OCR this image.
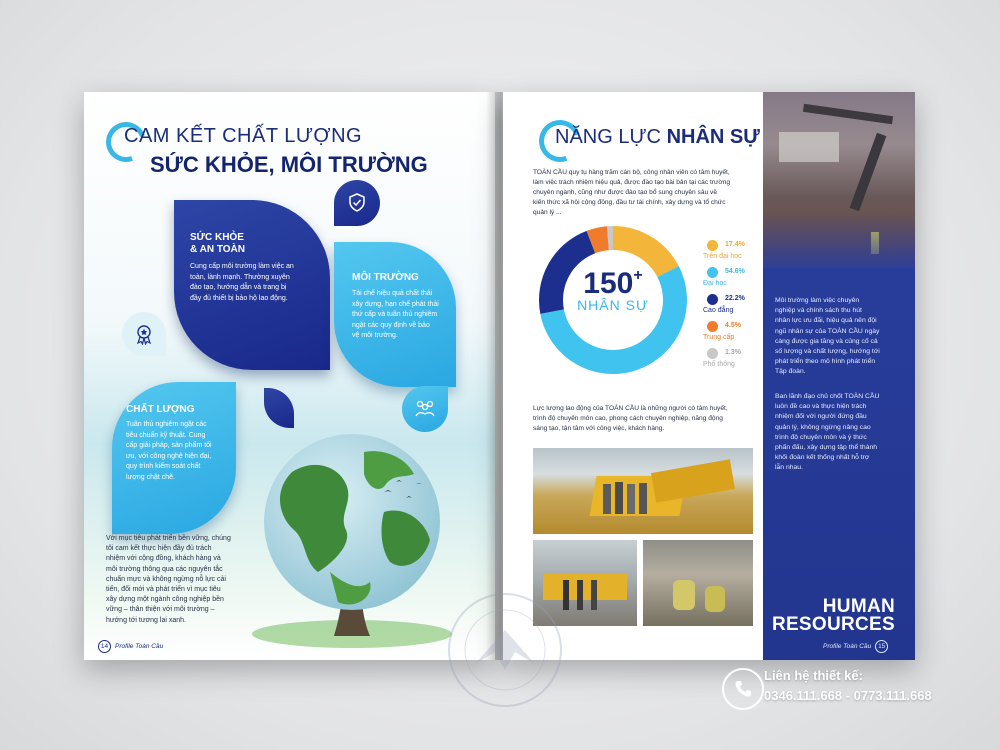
CAM KẾT CHẤT LƯỢNG
SỨC KHỎE, MÔI TRƯỜNG
SỨC KHỎE
& AN TOÀN
Cung cấp môi trường làm việc an
toàn, lành mạnh. Thường xuyên
đào tạo, hướng dẫn và trang bị
đầy đủ thiết bị bảo hộ lao động.
MÔI TRƯỜNG
Tái chế hiệu quả chất thải
xây dựng, hạn chế phát thải
thứ cấp và tuân thủ nghiêm
ngặt các quy định về bảo
vệ môi trường.
CHẤT LƯỢNG
Tuân thủ nghiêm ngặt các
tiêu chuẩn kỹ thuật. Cung
cấp giải pháp, sản phẩm tối
ưu, với công nghệ hiện đại,
quy trình kiểm soát chất
lượng chặt chẽ.
Với mục tiêu phát triển bền vững, chúng
tôi cam kết thực hiện đầy đủ trách
nhiệm với cộng đồng, khách hàng và
môi trường thông qua các nguyên tắc
chuẩn mực và không ngừng nỗ lực cải
tiến, đổi mới và phát triển vì mục tiêu
xây dựng một ngành công nghiệp bền
vững – thân thiện với môi trường –
hướng tới tương lai xanh.
14	Profile Toàn Cầu
NĂNG LỰC NHÂN SỰ
TOÀN CẦU quy tụ hàng trăm cán bộ, công nhân viên có tâm huyết,
làm việc trách nhiệm hiệu quả, được đào tạo bài bản tại các trường
chuyên ngành, cũng như được đào tạo bổ sung chuyên sâu về
kiến thức xã hội cộng đồng, đầu tư tài chính, xây dựng và tổ chức
quản lý ...
150+
NHÂN SỰ
17.4%
Trên đại học
54.6%
Đại học
22.2%
Cao đẳng
4.5%
Trung cấp
1.3%
Phổ thông
Lực lượng lao động của TOÀN CẦU là những người có tâm huyết,
trình độ chuyên môn cao, phong cách chuyên nghiệp, năng động
sáng tạo, tận tâm với công việc, khách hàng.
Môi trường làm việc chuyên
nghiệp và chính sách thu hút
nhân lực ưu đãi, hiệu quả nên đội
ngũ nhân sự của TOÀN CẦU ngày
càng được gia tăng và củng cố cả
số lượng và chất lượng, hướng tới
phát triển theo mô hình phát triển
Tập đoàn.
Ban lãnh đạo chủ chốt TOÀN CẦU
luôn đề cao và thực hiện trách
nhiệm đối với người đứng đầu
quản lý, không ngừng nâng cao
trình độ chuyên môn và ý thức
phấn đấu, xây dựng tập thể thành
khối đoàn kết thống nhất hỗ trợ
lẫn nhau.
HUMAN
RESOURCES
Profile Toàn Cầu	15
Liên hệ thiết kế:
0346.111.668 - 0773.111.668
